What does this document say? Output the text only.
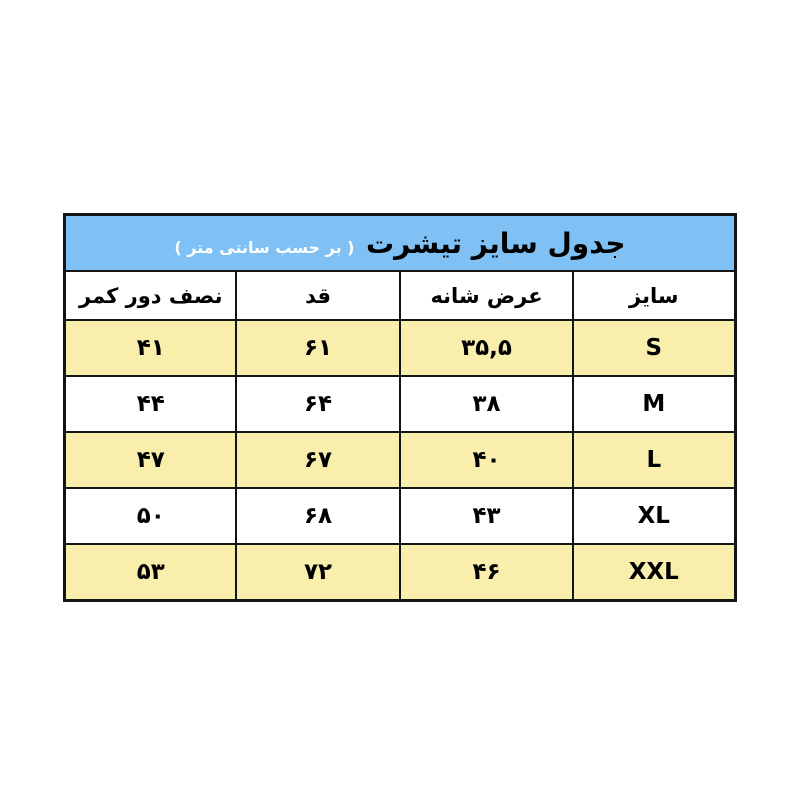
جدول سایز تیشرت ( بر حسب سانتی متر )			
سایز	عرض شانه	قد	نصف دور کمر
S	۳۵,۵	۶۱	۴۱
M	۳۸	۶۴	۴۴
L	۴۰	۶۷	۴۷
XL	۴۳	۶۸	۵۰
XXL	۴۶	۷۲	۵۳
